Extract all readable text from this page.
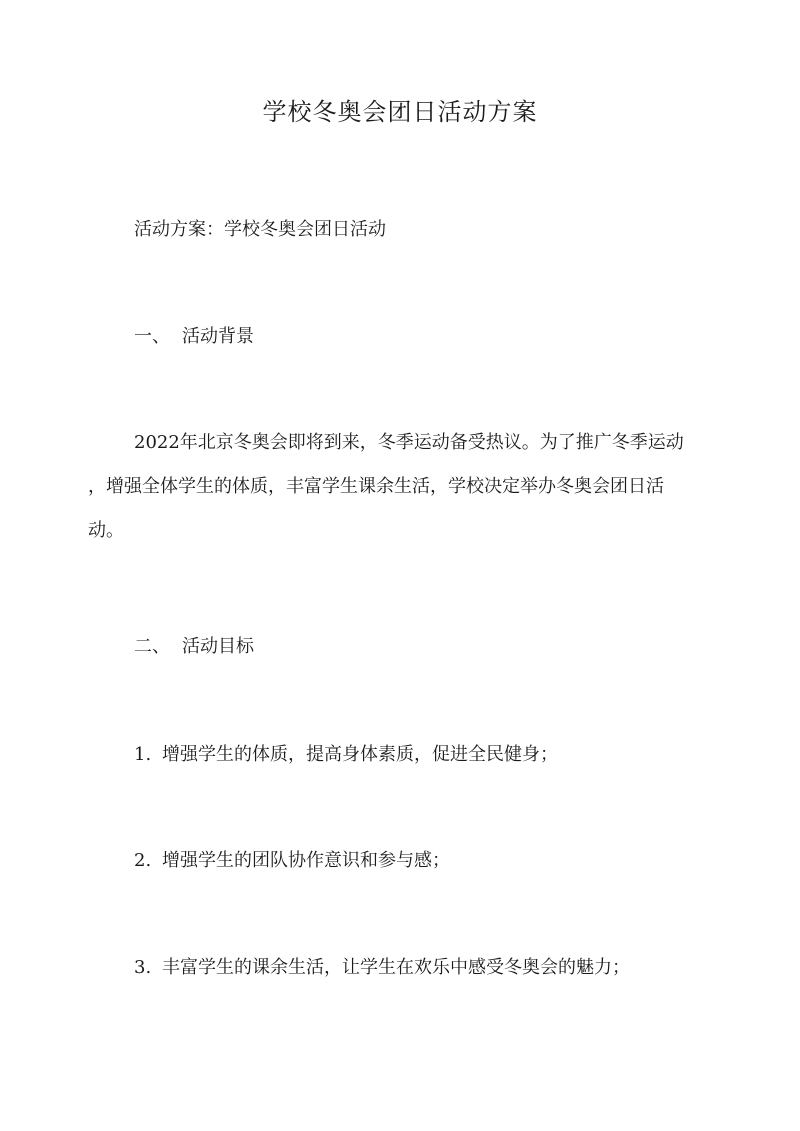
学校冬奥会团日活动方案

活动方案：学校冬奥会团日活动

一、 活动背景

2022年北京冬奥会即将到来，冬季运动备受热议。为了推广冬季运动
，增强全体学生的体质，丰富学生课余生活，学校决定举办冬奥会团日活
动。

二、 活动目标

1. 增强学生的体质，提高身体素质，促进全民健身；

2. 增强学生的团队协作意识和参与感；

3. 丰富学生的课余生活，让学生在欢乐中感受冬奥会的魅力；
